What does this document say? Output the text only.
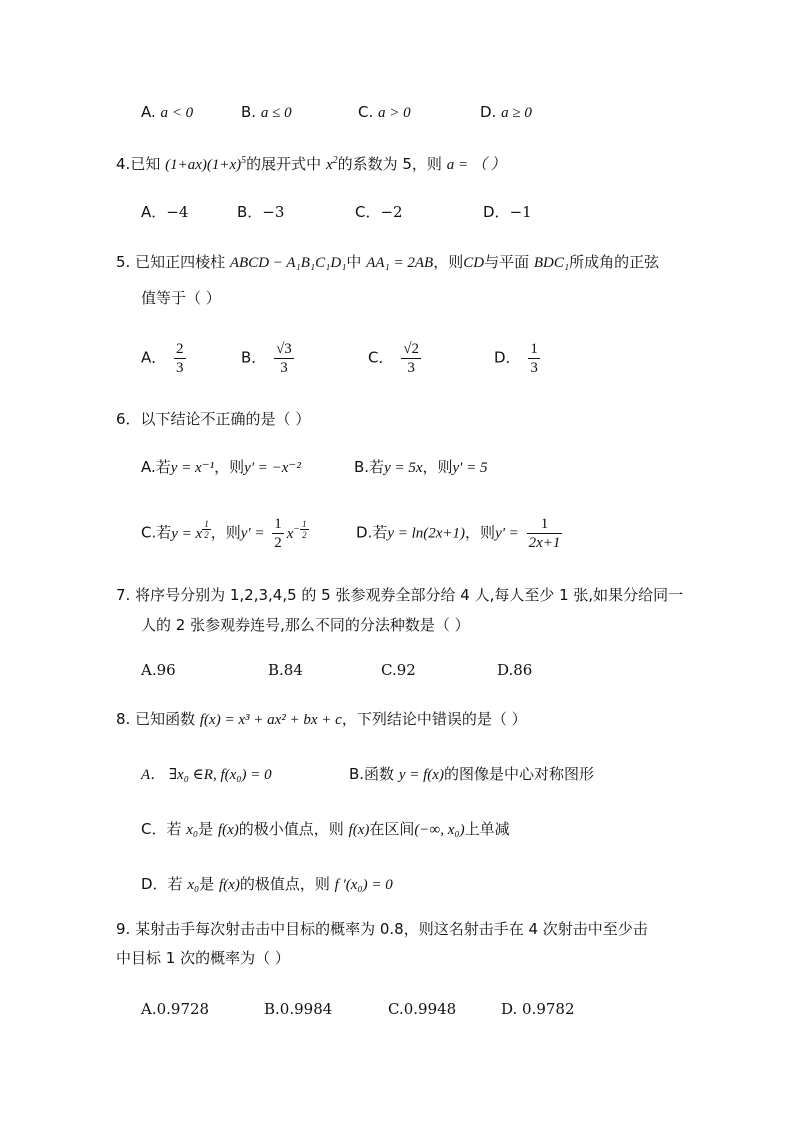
A. a < 0	B. a ≤ 0	C. a > 0	D. a ≥ 0
4.已知 $(1+ax)(1+x)^5$的展开式中 $x^2$的系数为 5，则 a = （ ）
A．−4	B．−3	C．−2	D．−1
5. 已知正四棱柱 ABCD − A₁B₁C₁D₁中 AA₁ = 2AB，则CD与平面 BDC₁所成角的正弦
值等于（ ）
A． $\frac{2}{3}$	B． $\frac{√3}{3}$	C． $\frac{√2}{3}$	D． $\frac{1}{3}$
6．以下结论不正确的是（ ）
A.若y = x⁻¹，则y' = −x⁻²	B.若y = 5x，则y' = 5
C.若y = x $^{\frac{1}{2}}$ ，则$y' = \frac{1}{2} x^{- \frac{1}{2}}$	D.若y = ln(2x+1)，则$y' = \frac{1}{2x+1}$
7. 将序号分别为 1,2,3,4,5 的 5 张参观券全部分给 4 人,每人至少 1 张,如果分给同一
人的 2 张参观券连号,那么不同的分法种数是（ ）
A.96	B.84	C.92	D.86
8. 已知函数 f(x) = x³ + ax² + bx + c，下列结论中错误的是（ ）
A． ∃x₀ ∈R, f(x₀) = 0	B.函数 y = f(x)的图像是中心对称图形
C．若 x₀是 f(x)的极小值点，则 f(x)在区间(−∞, x₀)上单减
D．若 x₀是 f(x)的极值点，则 f '(x₀) = 0
9. 某射击手每次射击击中目标的概率为 0.8，则这名射击手在 4 次射击中至少击
中目标 1 次的概率为（ ）
A.0.9728	B.0.9984	C.0.9948	D. 0.9782
